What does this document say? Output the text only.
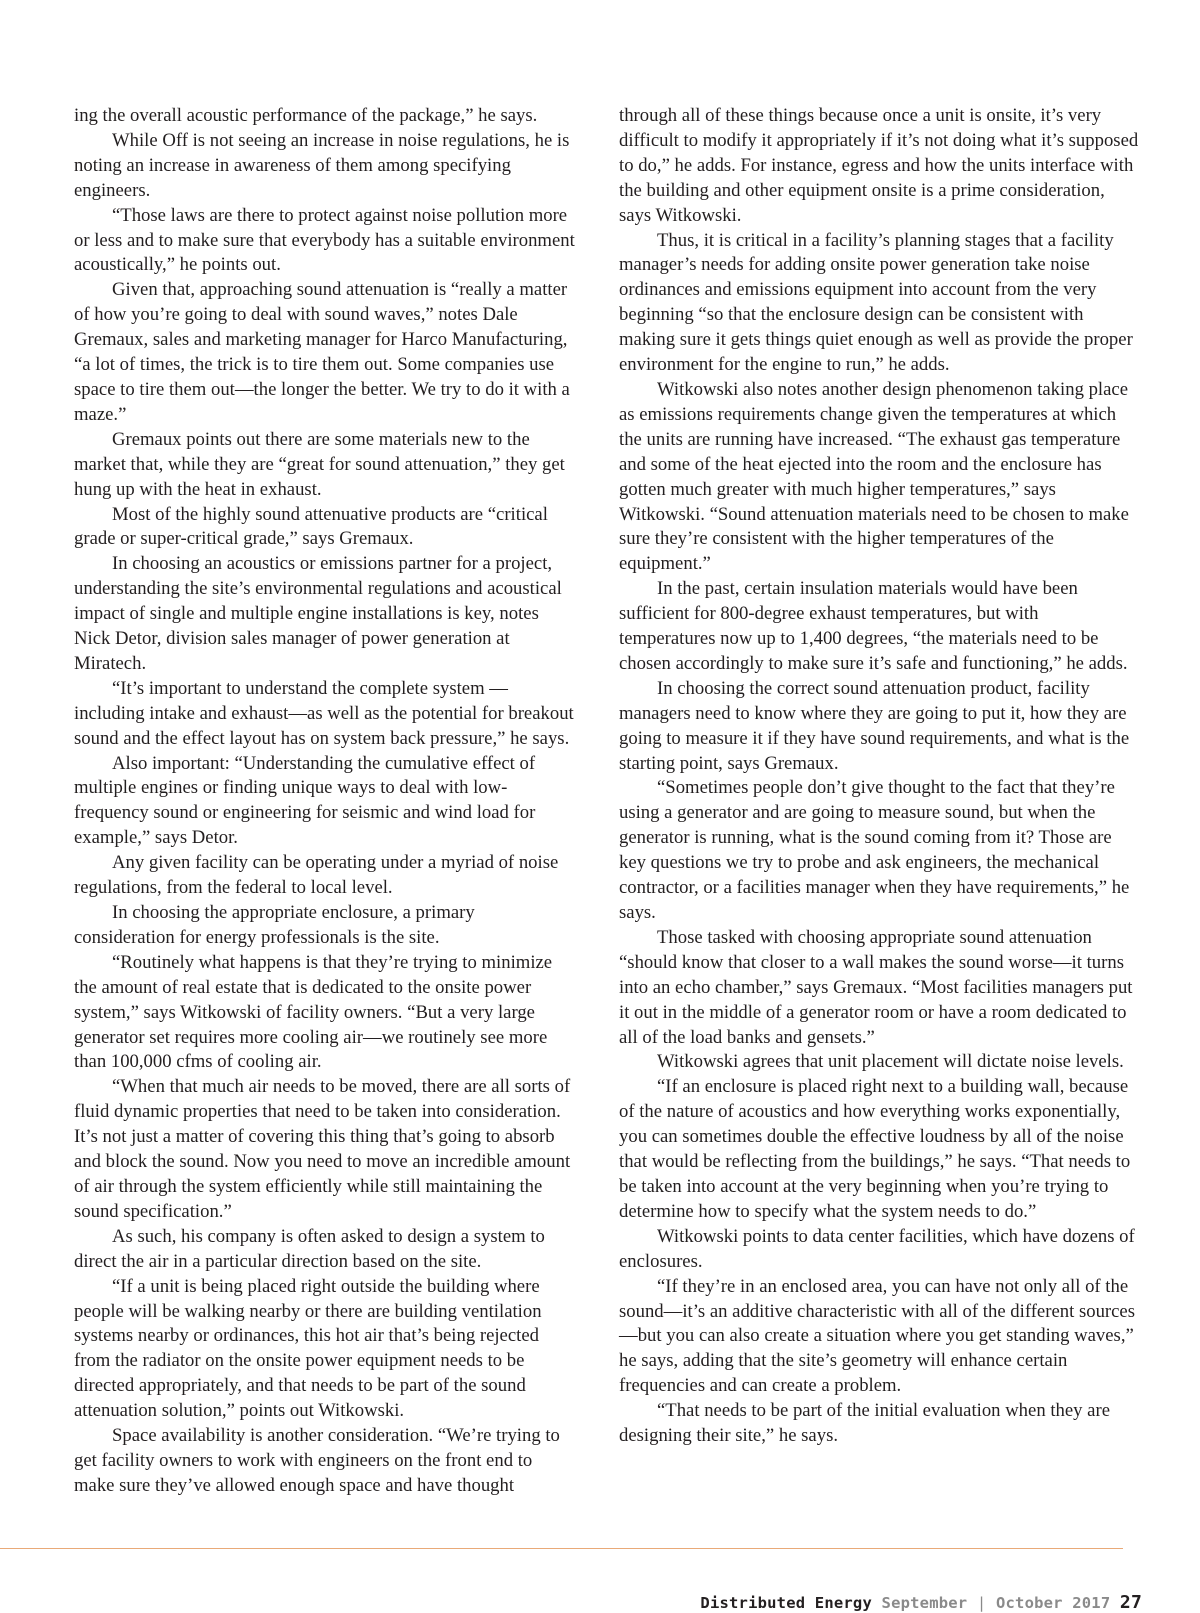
ing the overall acoustic performance of the package,” he says.

While Off is not seeing an increase in noise regulations, he is noting an increase in awareness of them among specifying engineers.

“Those laws are there to protect against noise pollution more or less and to make sure that everybody has a suitable environment acoustically,” he points out.

Given that, approaching sound attenuation is “really a matter of how you’re going to deal with sound waves,” notes Dale Gremaux, sales and marketing manager for Harco Manufacturing, “a lot of times, the trick is to tire them out. Some companies use space to tire them out—the longer the better. We try to do it with a maze.”

Gremaux points out there are some materials new to the market that, while they are “great for sound attenuation,” they get hung up with the heat in exhaust.

Most of the highly sound attenuative products are “critical grade or super-critical grade,” says Gremaux.

In choosing an acoustics or emissions partner for a project, understanding the site’s environmental regulations and acoustical impact of single and multiple engine installations is key, notes Nick Detor, division sales manager of power generation at Miratech.

“It’s important to understand the complete system —including intake and exhaust—as well as the potential for breakout sound and the effect layout has on system back pressure,” he says.

Also important: “Understanding the cumulative effect of multiple engines or finding unique ways to deal with low-frequency sound or engineering for seismic and wind load for example,” says Detor.

Any given facility can be operating under a myriad of noise regulations, from the federal to local level.

In choosing the appropriate enclosure, a primary consideration for energy professionals is the site.

“Routinely what happens is that they’re trying to minimize the amount of real estate that is dedicated to the onsite power system,” says Witkowski of facility owners. “But a very large generator set requires more cooling air—we routinely see more than 100,000 cfms of cooling air.

“When that much air needs to be moved, there are all sorts of fluid dynamic properties that need to be taken into consideration. It’s not just a matter of covering this thing that’s going to absorb and block the sound. Now you need to move an incredible amount of air through the system efficiently while still maintaining the sound specification.”

As such, his company is often asked to design a system to direct the air in a particular direction based on the site.

“If a unit is being placed right outside the building where people will be walking nearby or there are building ventilation systems nearby or ordinances, this hot air that’s being rejected from the radiator on the onsite power equipment needs to be directed appropriately, and that needs to be part of the sound attenuation solution,” points out Witkowski.

Space availability is another consideration. “We’re trying to get facility owners to work with engineers on the front end to make sure they’ve allowed enough space and have thought

through all of these things because once a unit is onsite, it’s very difficult to modify it appropriately if it’s not doing what it’s supposed to do,” he adds. For instance, egress and how the units interface with the building and other equipment onsite is a prime consideration, says Witkowski.

Thus, it is critical in a facility’s planning stages that a facility manager’s needs for adding onsite power generation take noise ordinances and emissions equipment into account from the very beginning “so that the enclosure design can be consistent with making sure it gets things quiet enough as well as provide the proper environment for the engine to run,” he adds.

Witkowski also notes another design phenomenon taking place as emissions requirements change given the temperatures at which the units are running have increased. “The exhaust gas temperature and some of the heat ejected into the room and the enclosure has gotten much greater with much higher temperatures,” says Witkowski. “Sound attenuation materials need to be chosen to make sure they’re consistent with the higher temperatures of the equipment.”

In the past, certain insulation materials would have been sufficient for 800-degree exhaust temperatures, but with temperatures now up to 1,400 degrees, “the materials need to be chosen accordingly to make sure it’s safe and functioning,” he adds.

In choosing the correct sound attenuation product, facility managers need to know where they are going to put it, how they are going to measure it if they have sound requirements, and what is the starting point, says Gremaux.

“Sometimes people don’t give thought to the fact that they’re using a generator and are going to measure sound, but when the generator is running, what is the sound coming from it? Those are key questions we try to probe and ask engineers, the mechanical contractor, or a facilities manager when they have requirements,” he says.

Those tasked with choosing appropriate sound attenuation “should know that closer to a wall makes the sound worse—it turns into an echo chamber,” says Gremaux. “Most facilities managers put it out in the middle of a generator room or have a room dedicated to all of the load banks and gensets.”

Witkowski agrees that unit placement will dictate noise levels.

“If an enclosure is placed right next to a building wall, because of the nature of acoustics and how everything works exponentially, you can sometimes double the effective loudness by all of the noise that would be reflecting from the buildings,” he says. “That needs to be taken into account at the very beginning when you’re trying to determine how to specify what the system needs to do.”

Witkowski points to data center facilities, which have dozens of enclosures.

“If they’re in an enclosed area, you can have not only all of the sound—it’s an additive characteristic with all of the different sources—but you can also create a situation where you get standing waves,” he says, adding that the site’s geometry will enhance certain frequencies and can create a problem.

“That needs to be part of the initial evaluation when they are designing their site,” he says.

Distributed Energy September | October 2017 27
